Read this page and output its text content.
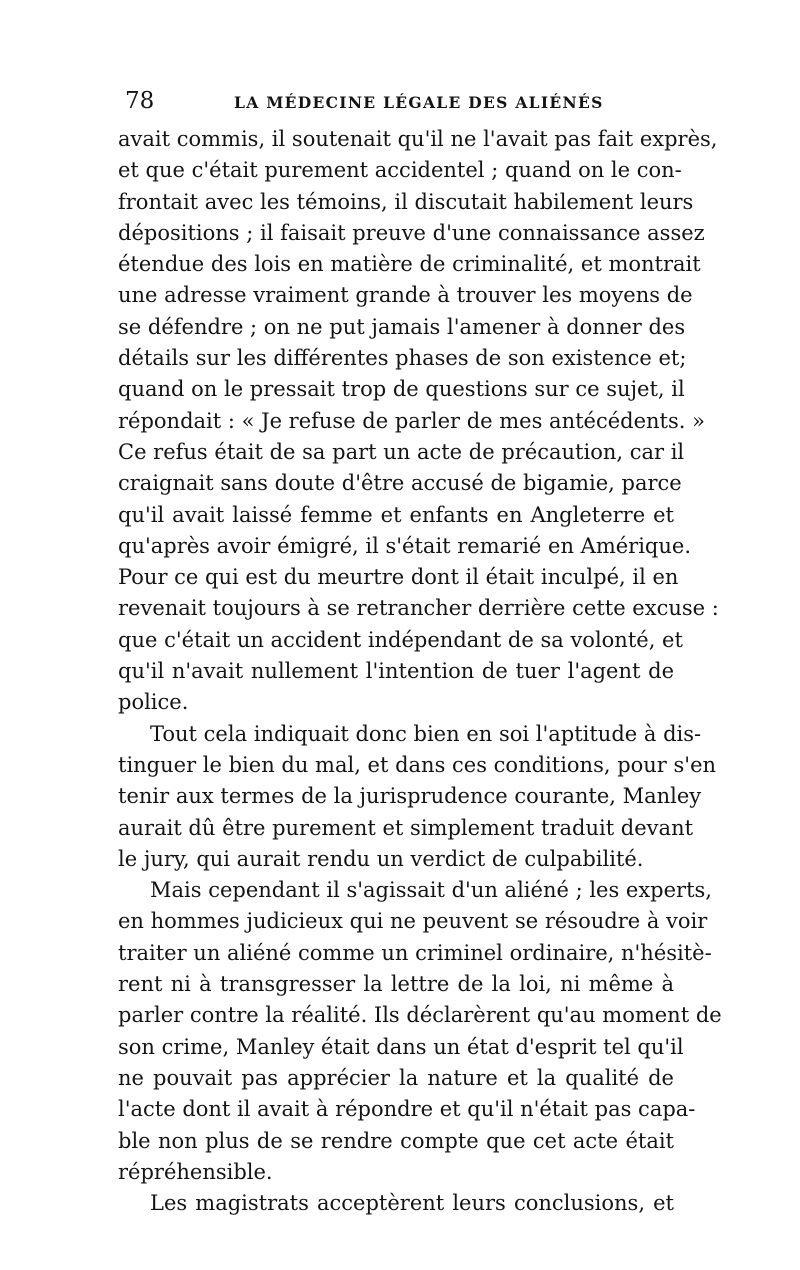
78	LA MÉDECINE LÉGALE DES ALIÉNÉS
avait commis, il soutenait qu'il ne l'avait pas fait exprès,
et que c'était purement accidentel ; quand on le con-
frontait avec les témoins, il discutait habilement leurs
dépositions ; il faisait preuve d'une connaissance assez
étendue des lois en matière de criminalité, et montrait
une adresse vraiment grande à trouver les moyens de
se défendre ; on ne put jamais l'amener à donner des
détails sur les différentes phases de son existence et;
quand on le pressait trop de questions sur ce sujet, il
répondait : « Je refuse de parler de mes antécédents. »
Ce refus était de sa part un acte de précaution, car il
craignait sans doute d'être accusé de bigamie, parce
qu'il avait laissé femme et enfants en Angleterre et
qu'après avoir émigré, il s'était remarié en Amérique.
Pour ce qui est du meurtre dont il était inculpé, il en
revenait toujours à se retrancher derrière cette excuse :
que c'était un accident indépendant de sa volonté, et
qu'il n'avait nullement l'intention de tuer l'agent de
police.
Tout cela indiquait donc bien en soi l'aptitude à dis-
tinguer le bien du mal, et dans ces conditions, pour s'en
tenir aux termes de la jurisprudence courante, Manley
aurait dû être purement et simplement traduit devant
le jury, qui aurait rendu un verdict de culpabilité.
Mais cependant il s'agissait d'un aliéné ; les experts,
en hommes judicieux qui ne peuvent se résoudre à voir
traiter un aliéné comme un criminel ordinaire, n'hésitè-
rent ni à transgresser la lettre de la loi, ni même à
parler contre la réalité. Ils déclarèrent qu'au moment de
son crime, Manley était dans un état d'esprit tel qu'il
ne pouvait pas apprécier la nature et la qualité de
l'acte dont il avait à répondre et qu'il n'était pas capa-
ble non plus de se rendre compte que cet acte était
répréhensible.
Les magistrats acceptèrent leurs conclusions, et
